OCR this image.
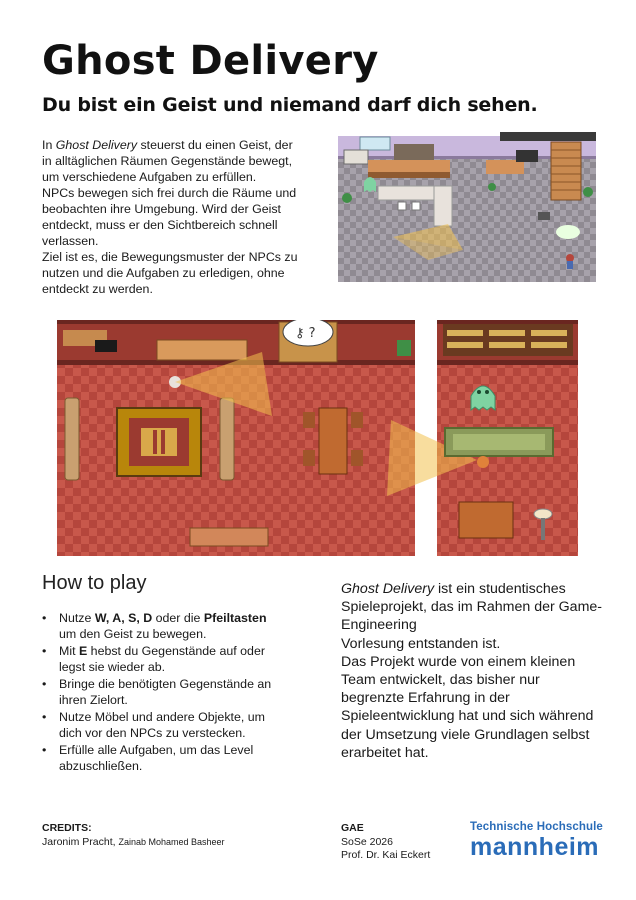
Ghost Delivery
Du bist ein Geist und niemand darf dich sehen.

In Ghost Delivery steuerst du einen Geist, der in alltäglichen Räumen Gegenstände bewegt, um verschiedene Aufgaben zu erfüllen.

NPCs bewegen sich frei durch die Räume und beobachten ihre Umgebung. Wird der Geist entdeckt, muss er den Sichtbereich schnell verlassen.

Ziel ist es, die Bewegungsmuster der NPCs zu nutzen und die Aufgaben zu erledigen, ohne entdeckt zu werden.

⚷ ?
How to play
• Nutze W, A, S, D oder die Pfeiltasten um den Geist zu bewegen.
• Mit E hebst du Gegenstände auf oder legst sie wieder ab.
• Bringe die benötigten Gegenstände an ihren Zielort.
• Nutze Möbel und andere Objekte, um dich vor den NPCs zu verstecken.
• Erfülle alle Aufgaben, um das Level abzuschließen.
Ghost Delivery ist ein studentisches Spieleprojekt, das im Rahmen der Game-Engineering
Vorlesung entstanden ist.
Das Projekt wurde von einem kleinen Team entwickelt, das bisher nur begrenzte Erfahrung in der Spieleentwicklung hat und sich während der Umsetzung viele Grundlagen selbst erarbeitet hat.
CREDITS:
Jaronim Pracht, Zainab Mohamed Basheer
GAE
SoSe 2026
Prof. Dr. Kai Eckert
Technische Hochschule
mannheim
